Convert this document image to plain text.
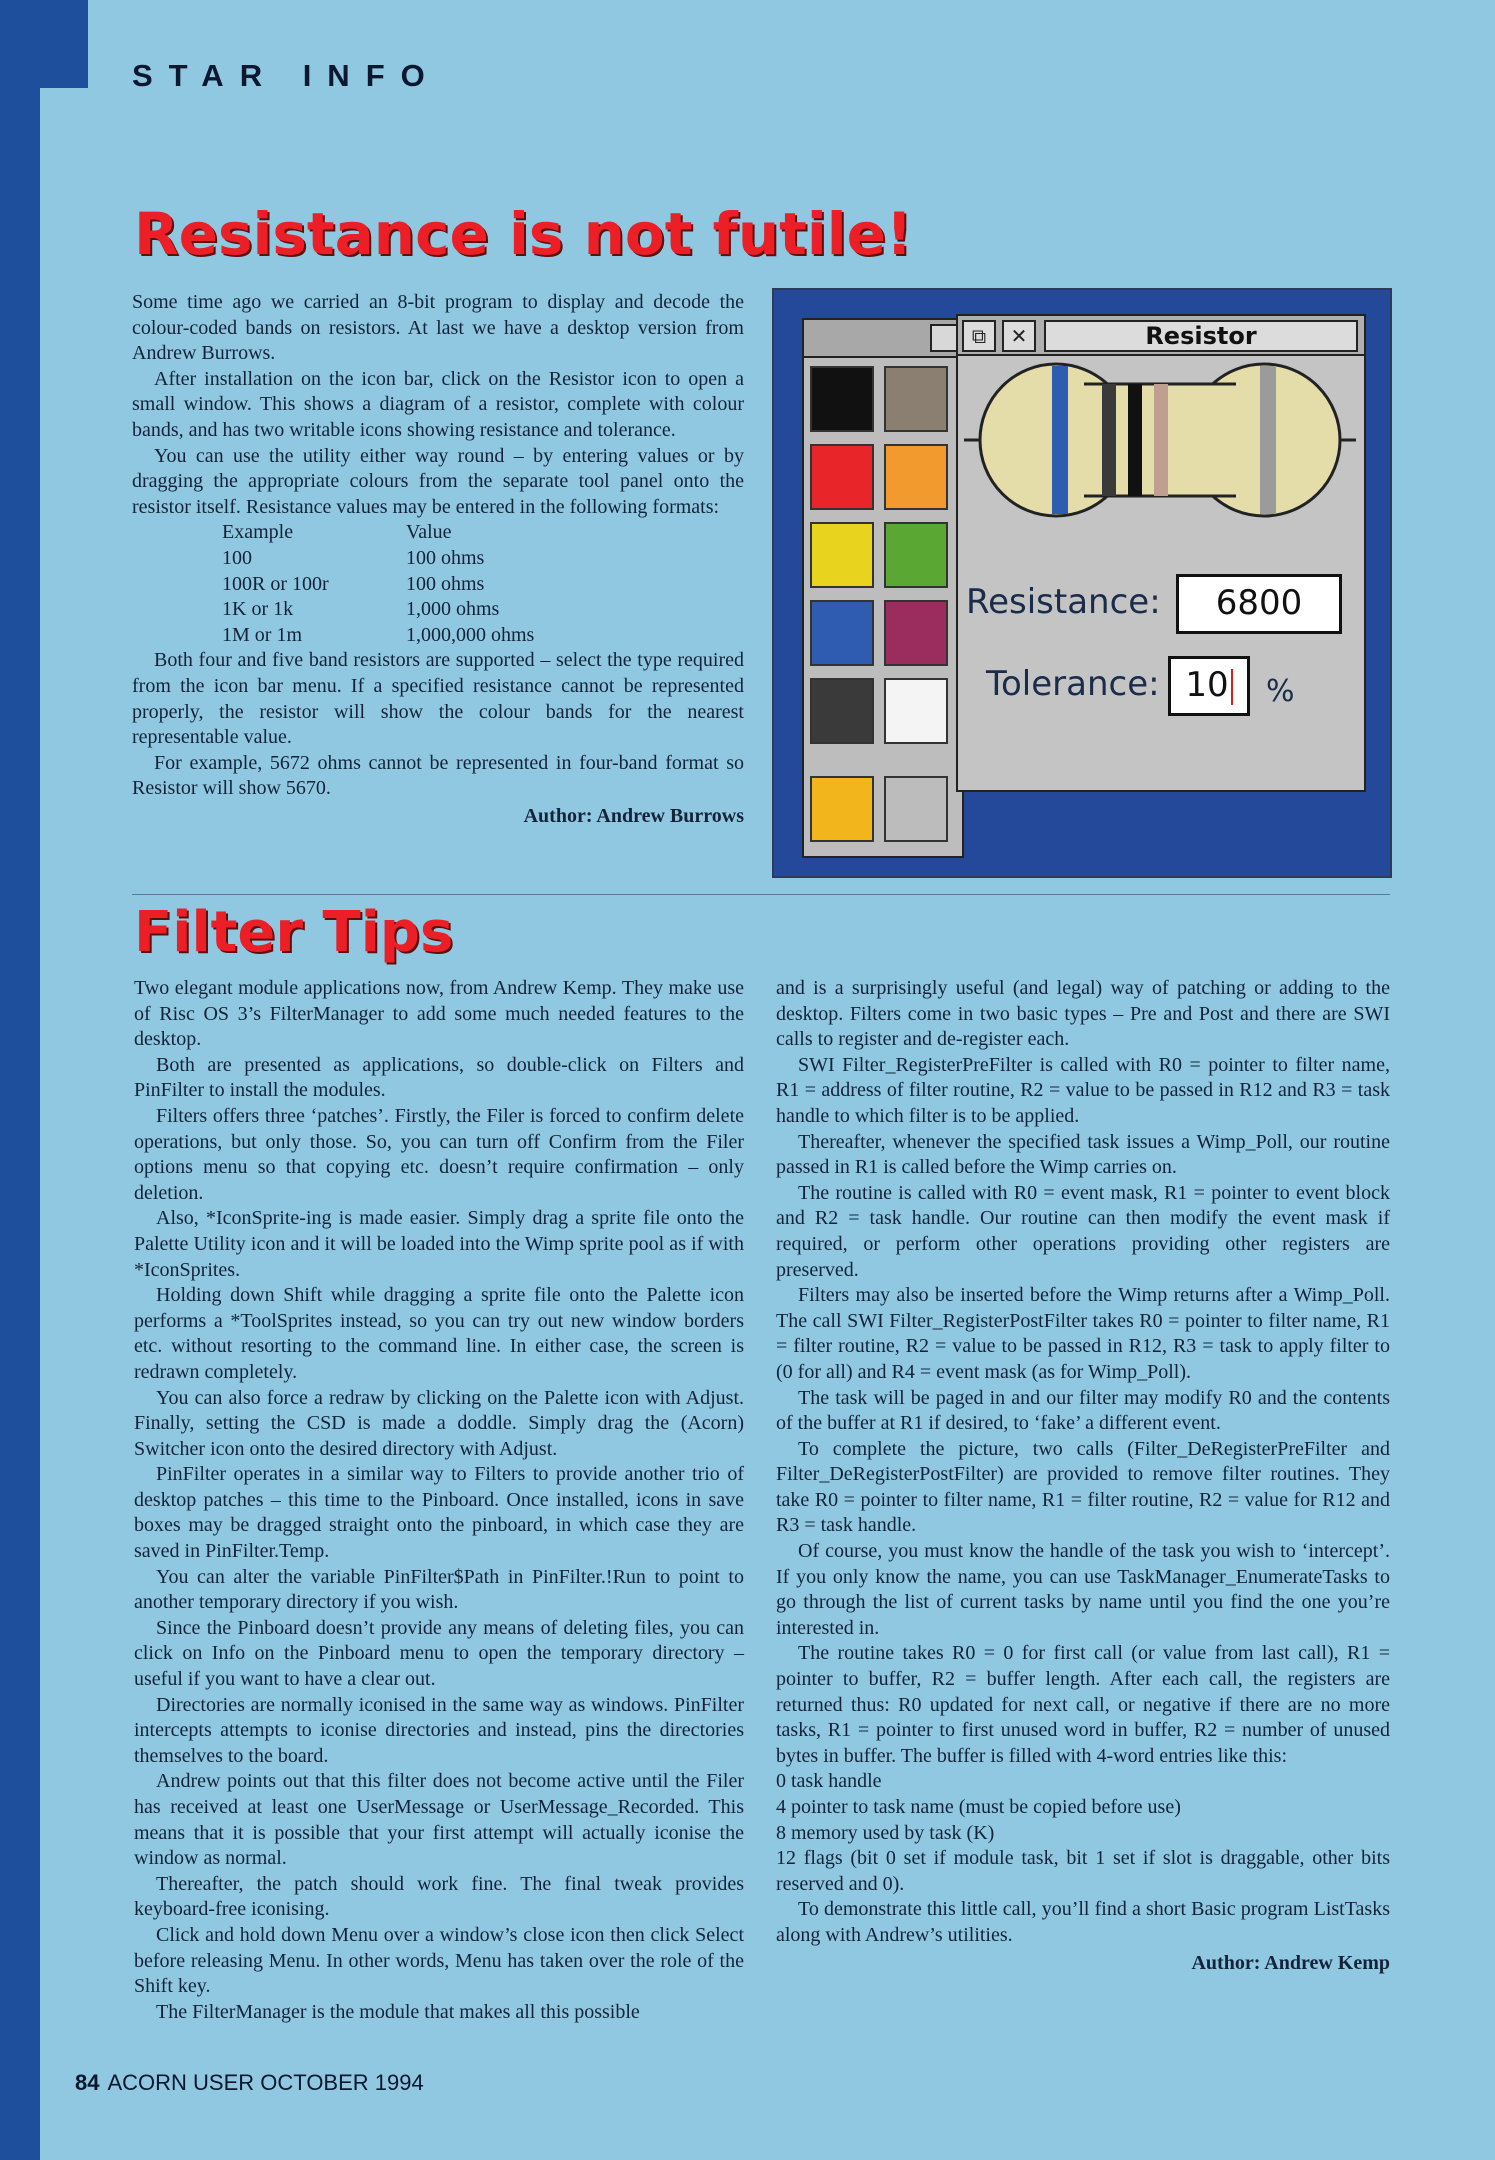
STAR INFO
Resistance is not futile!

Some time ago we carried an 8-bit program to display and decode the colour-coded bands on resistors. At last we have a desktop version from Andrew Burrows.

After installation on the icon bar, click on the Resistor icon to open a small window. This shows a diagram of a resistor, complete with colour bands, and has two writable icons showing resistance and tolerance.

You can use the utility either way round – by entering values or by dragging the appropriate colours from the separate tool panel onto the resistor itself. Resistance values may be entered in the following formats:

Example	Value
100	100 ohms
100R or 100r	100 ohms
1K or 1k	1,000 ohms
1M or 1m	1,000,000 ohms

Both four and five band resistors are supported – select the type required from the icon bar menu. If a specified resistance cannot be represented properly, the resistor will show the colour bands for the nearest representable value.

For example, 5672 ohms cannot be represented in four-band format so Resistor will show 5670.

Author: Andrew Burrows
⧉	✕	Resistor
Resistance:	6800
Tolerance: 10	%
Filter Tips

Two elegant module applications now, from Andrew Kemp. They make use of Risc OS 3’s FilterManager to add some much needed features to the desktop.

Both are presented as applications, so double-click on Filters and PinFilter to install the modules.

Filters offers three ‘patches’. Firstly, the Filer is forced to confirm delete operations, but only those. So, you can turn off Confirm from the Filer options menu so that copying etc. doesn’t require confirmation – only deletion.

Also, *IconSprite-ing is made easier. Simply drag a sprite file onto the Palette Utility icon and it will be loaded into the Wimp sprite pool as if with *IconSprites.

Holding down Shift while dragging a sprite file onto the Palette icon performs a *ToolSprites instead, so you can try out new window borders etc. without resorting to the command line. In either case, the screen is redrawn completely.

You can also force a redraw by clicking on the Palette icon with Adjust. Finally, setting the CSD is made a doddle. Simply drag the (Acorn) Switcher icon onto the desired directory with Adjust.

PinFilter operates in a similar way to Filters to provide another trio of desktop patches – this time to the Pinboard. Once installed, icons in save boxes may be dragged straight onto the pinboard, in which case they are saved in PinFilter.Temp.

You can alter the variable PinFilter$Path in PinFilter.!Run to point to another temporary directory if you wish.

Since the Pinboard doesn’t provide any means of deleting files, you can click on Info on the Pinboard menu to open the temporary directory – useful if you want to have a clear out.

Directories are normally iconised in the same way as windows. PinFilter intercepts attempts to iconise directories and instead, pins the directories themselves to the board.

Andrew points out that this filter does not become active until the Filer has received at least one UserMessage or UserMessage_Recorded. This means that it is possible that your first attempt will actually iconise the window as normal.

Thereafter, the patch should work fine. The final tweak provides keyboard-free iconising.

Click and hold down Menu over a window’s close icon then click Select before releasing Menu. In other words, Menu has taken over the role of the Shift key.

The FilterManager is the module that makes all this possible

and is a surprisingly useful (and legal) way of patching or adding to the desktop. Filters come in two basic types – Pre and Post and there are SWI calls to register and de-register each.

SWI Filter_RegisterPreFilter is called with R0 = pointer to filter name, R1 = address of filter routine, R2 = value to be passed in R12 and R3 = task handle to which filter is to be applied.

Thereafter, whenever the specified task issues a Wimp_Poll, our routine passed in R1 is called before the Wimp carries on.

The routine is called with R0 = event mask, R1 = pointer to event block and R2 = task handle. Our routine can then modify the event mask if required, or perform other operations providing other registers are preserved.

Filters may also be inserted before the Wimp returns after a Wimp_Poll. The call SWI Filter_RegisterPostFilter takes R0 = pointer to filter name, R1 = filter routine, R2 = value to be passed in R12, R3 = task to apply filter to (0 for all) and R4 = event mask (as for Wimp_Poll).

The task will be paged in and our filter may modify R0 and the contents of the buffer at R1 if desired, to ‘fake’ a different event.

To complete the picture, two calls (Filter_DeRegisterPreFilter and Filter_DeRegisterPostFilter) are provided to remove filter routines. They take R0 = pointer to filter name, R1 = filter routine, R2 = value for R12 and R3 = task handle.

Of course, you must know the handle of the task you wish to ‘intercept’. If you only know the name, you can use TaskManager_EnumerateTasks to go through the list of current tasks by name until you find the one you’re interested in.

The routine takes R0 = 0 for first call (or value from last call), R1 = pointer to buffer, R2 = buffer length. After each call, the registers are returned thus: R0 updated for next call, or negative if there are no more tasks, R1 = pointer to first unused word in buffer, R2 = number of unused bytes in buffer. The buffer is filled with 4-word entries like this:

0 task handle

4 pointer to task name (must be copied before use)

8 memory used by task (K)

12 flags (bit 0 set if module task, bit 1 set if slot is draggable, other bits reserved and 0).

To demonstrate this little call, you’ll find a short Basic program ListTasks along with Andrew’s utilities.

Author: Andrew Kemp
84 ACORN USER OCTOBER 1994
